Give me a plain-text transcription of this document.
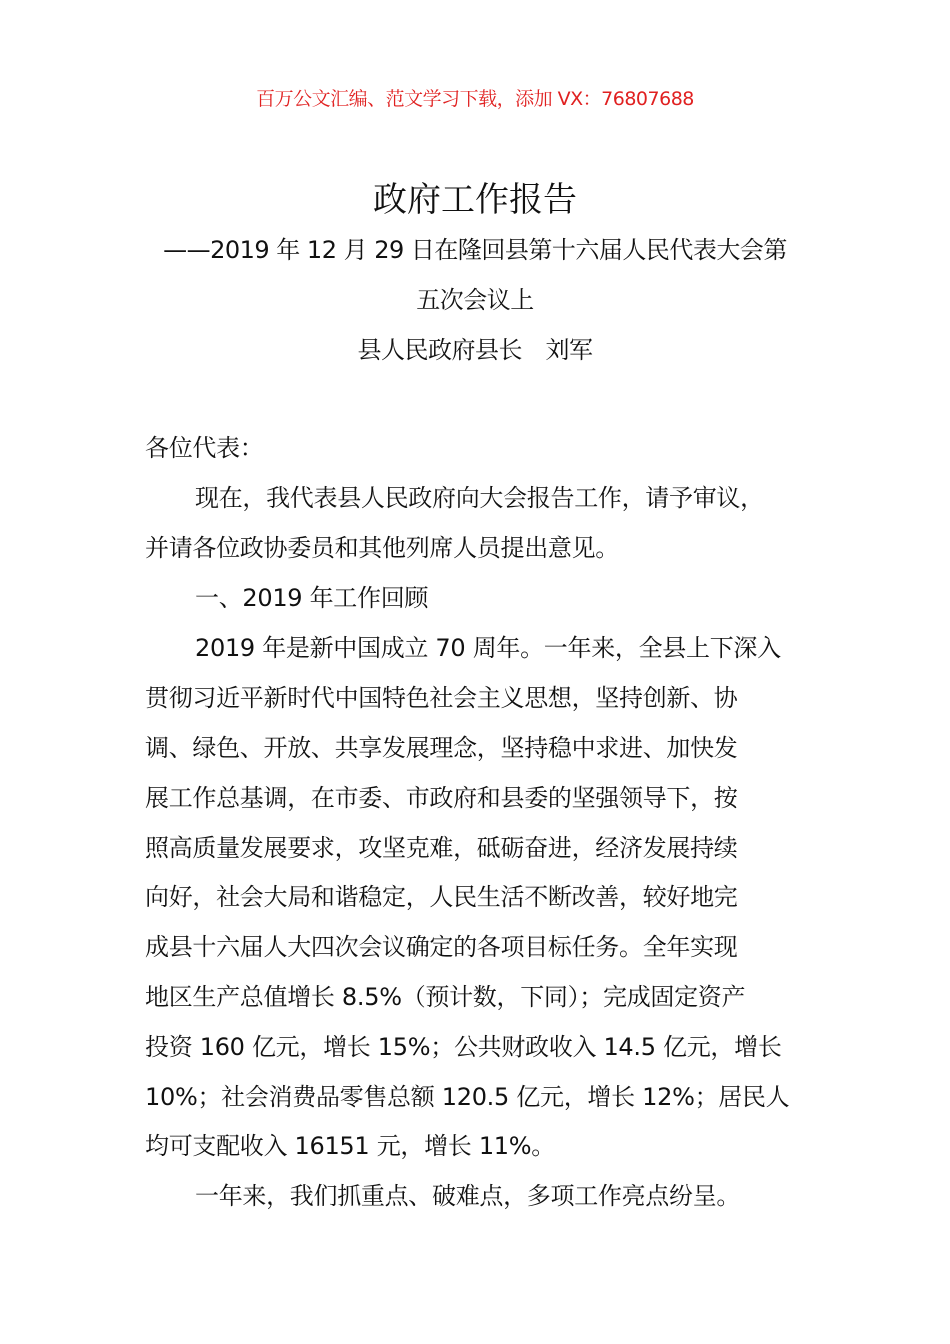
百万公文汇编、范文学习下载，添加 VX：76807688
政府工作报告
——2019 年 12 月 29 日在隆回县第十六届人民代表大会第
五次会议上
县人民政府县长　刘军
各位代表：
现在，我代表县人民政府向大会报告工作，请予审议，
并请各位政协委员和其他列席人员提出意见。
一、2019 年工作回顾
2019 年是新中国成立 70 周年。一年来，全县上下深入
贯彻习近平新时代中国特色社会主义思想，坚持创新、协
调、绿色、开放、共享发展理念，坚持稳中求进、加快发
展工作总基调，在市委、市政府和县委的坚强领导下，按
照高质量发展要求，攻坚克难，砥砺奋进，经济发展持续
向好，社会大局和谐稳定，人民生活不断改善，较好地完
成县十六届人大四次会议确定的各项目标任务。全年实现
地区生产总值增长 8.5%（预计数，下同）；完成固定资产
投资 160 亿元，增长 15%；公共财政收入 14.5 亿元，增长
10%；社会消费品零售总额 120.5 亿元，增长 12%；居民人
均可支配收入 16151 元，增长 11%。
一年来，我们抓重点、破难点，多项工作亮点纷呈。
